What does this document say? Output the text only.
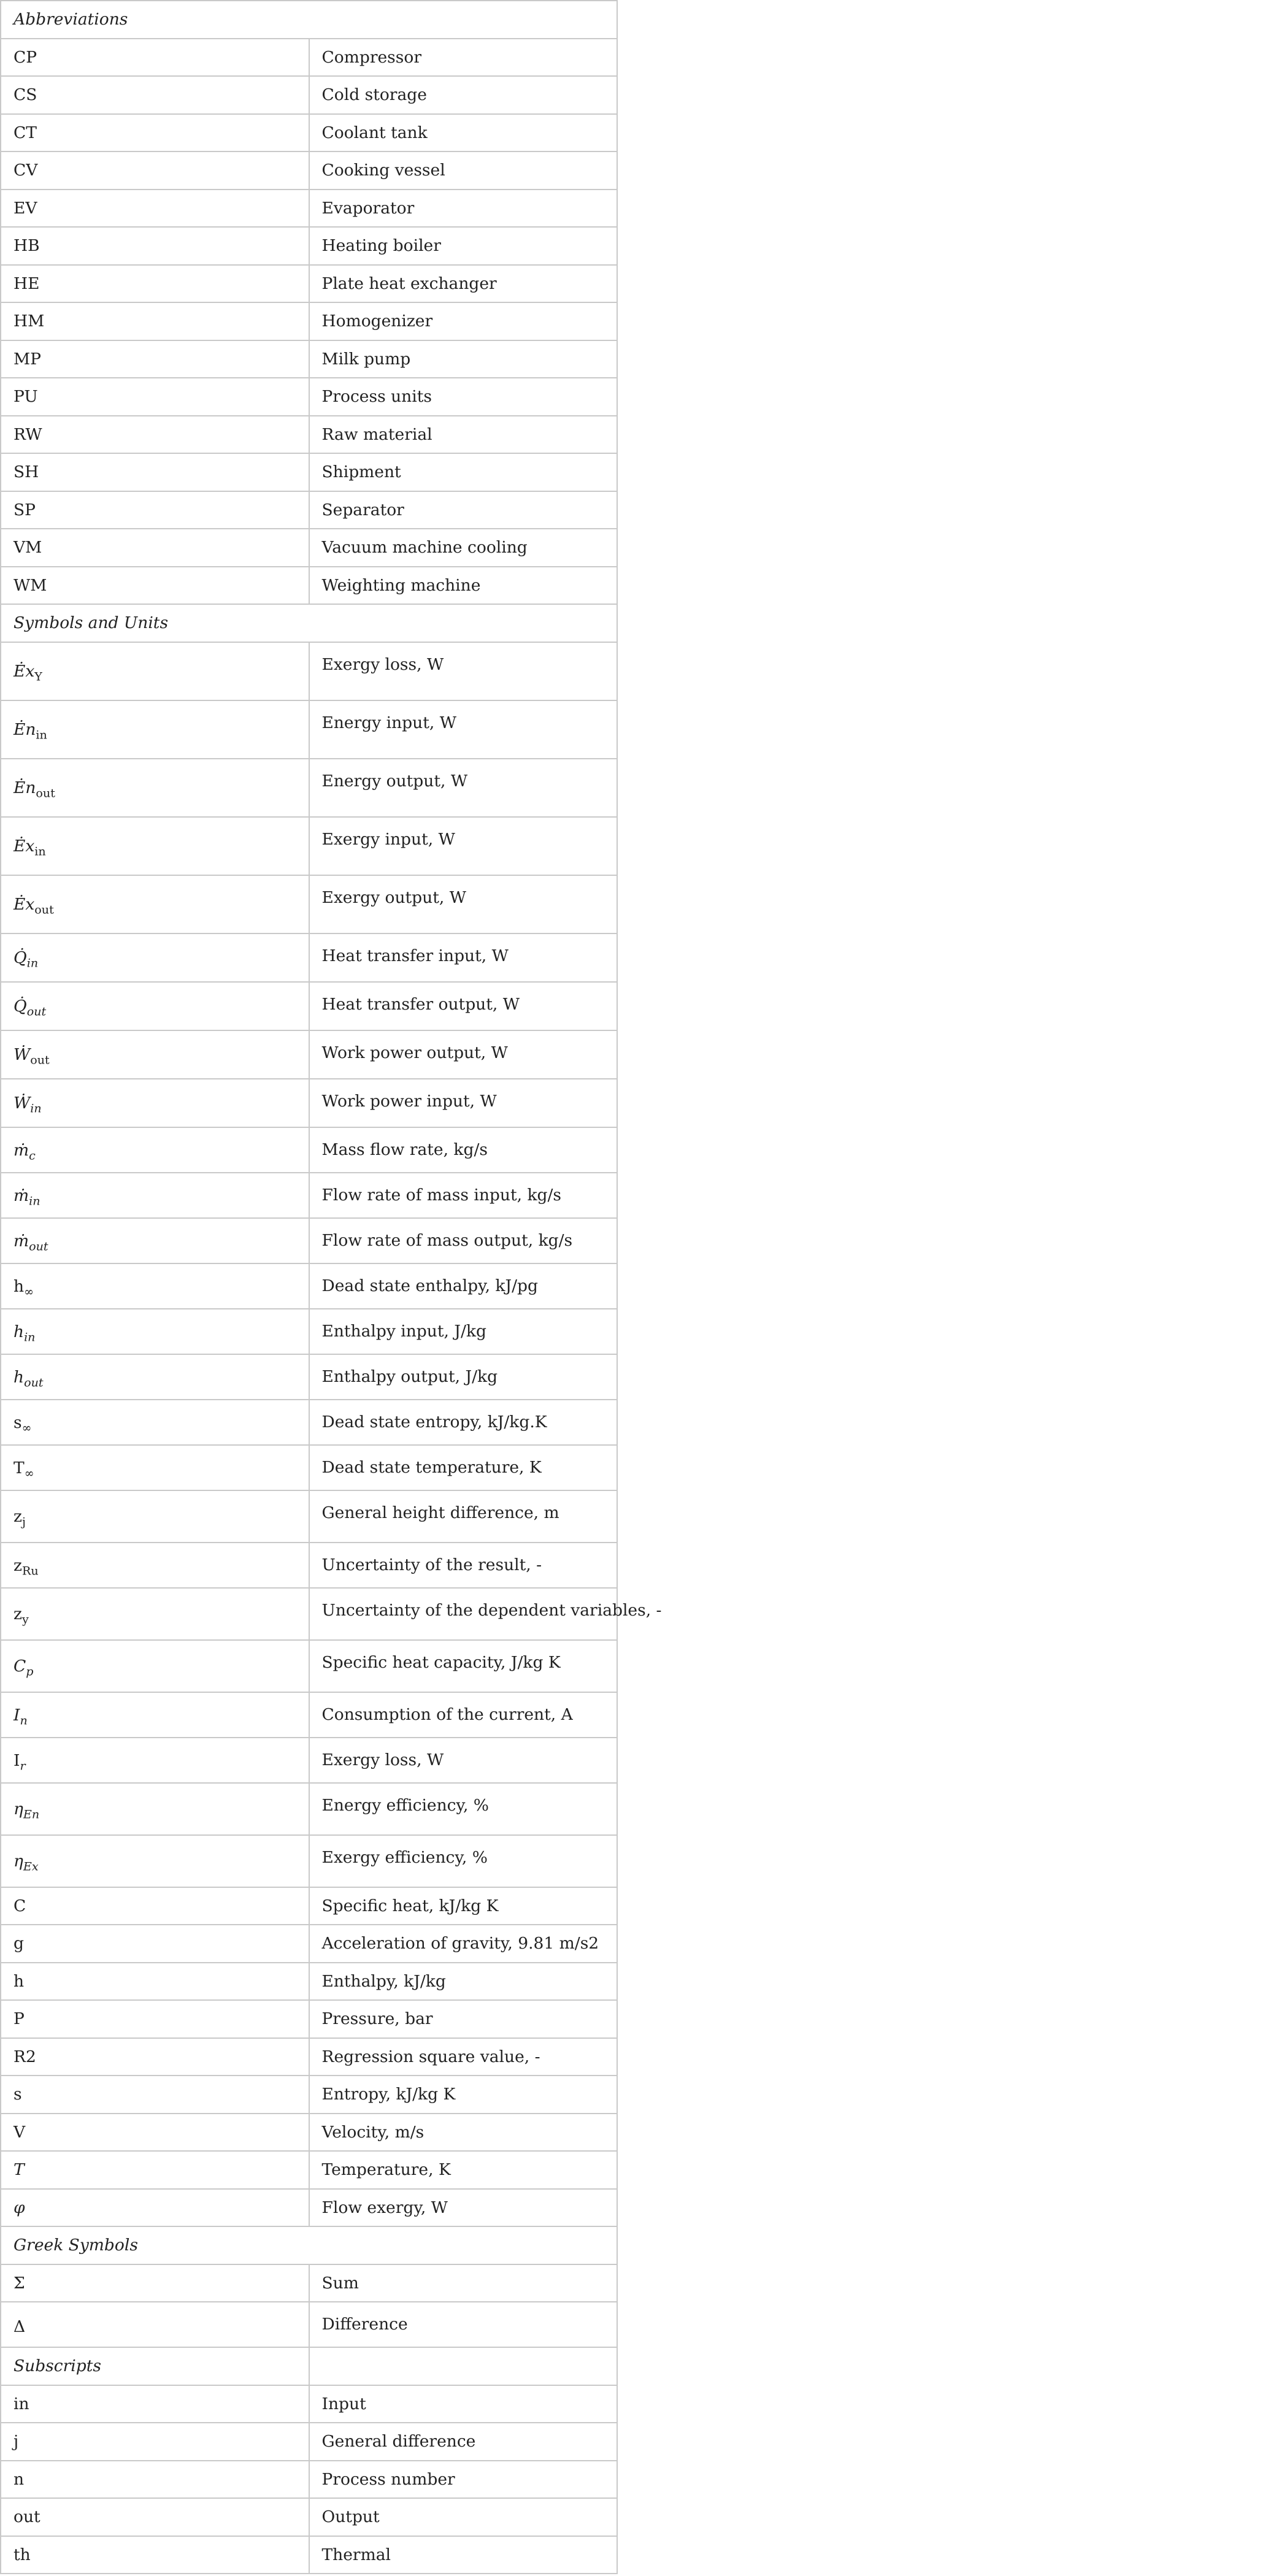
Abbreviations	
CP	Compressor
CS	Cold storage
CT	Coolant tank
CV	Cooking vessel
EV	Evaporator
HB	Heating boiler
HE	Plate heat exchanger
HM	Homogenizer
MP	Milk pump
PU	Process units
RW	Raw material
SH	Shipment
SP	Separator
VM	Vacuum machine cooling
WM	Weighting machine
Symbols and Units	
$Ėx_Y$	Exergy loss, W
$Ėn_{in}$	Energy input, W
$Ėn_{out}$	Energy output, W
$Ėx_{in}$	Exergy input, W
$Ėx_{out}$	Exergy output, W
$Q̇_{in}$	Heat transfer input, W
$Q̇_{out}$	Heat transfer output, W
Ẇ$_{out}$	Work power output, W
Ẇ$_{in}$	Work power input, W
ṁ$_c$	Mass flow rate, kg/s
ṁ$_{in}$	Flow rate of mass input, kg/s
ṁ$_{out}$	Flow rate of mass output, kg/s
$h_\infty$	Dead state enthalpy, kJ/pg
$h_{in}$	Enthalpy input, J/kg
$h_{out}$	Enthalpy output, J/kg
$s_\infty$	Dead state entropy, kJ/kg.K
$T_\infty$	Dead state temperature, K
$z_j$	General height difference, m
$z_{Ru}$	Uncertainty of the result, -
$z_y$	Uncertainty of the dependent variables, -
$C_p$	Specific heat capacity, J/kg K
$I_n$	Consumption of the current, A
$I_r$	Exergy loss, W
$\eta_{En}$	Energy efficiency, %
$\eta_{Ex}$	Exergy efficiency, %
C	Specific heat, kJ/kg K
g	Acceleration of gravity, 9.81 m/s2
h	Enthalpy, kJ/kg
P	Pressure, bar
R2	Regression square value, -
s	Entropy, kJ/kg K
V	Velocity, m/s
T	Temperature, K
φ	Flow exergy, W
Greek Symbols	
Σ	Sum
Δ	Difference
Subscripts	
in	Input
j	General difference
n	Process number
out	Output
th	Thermal
